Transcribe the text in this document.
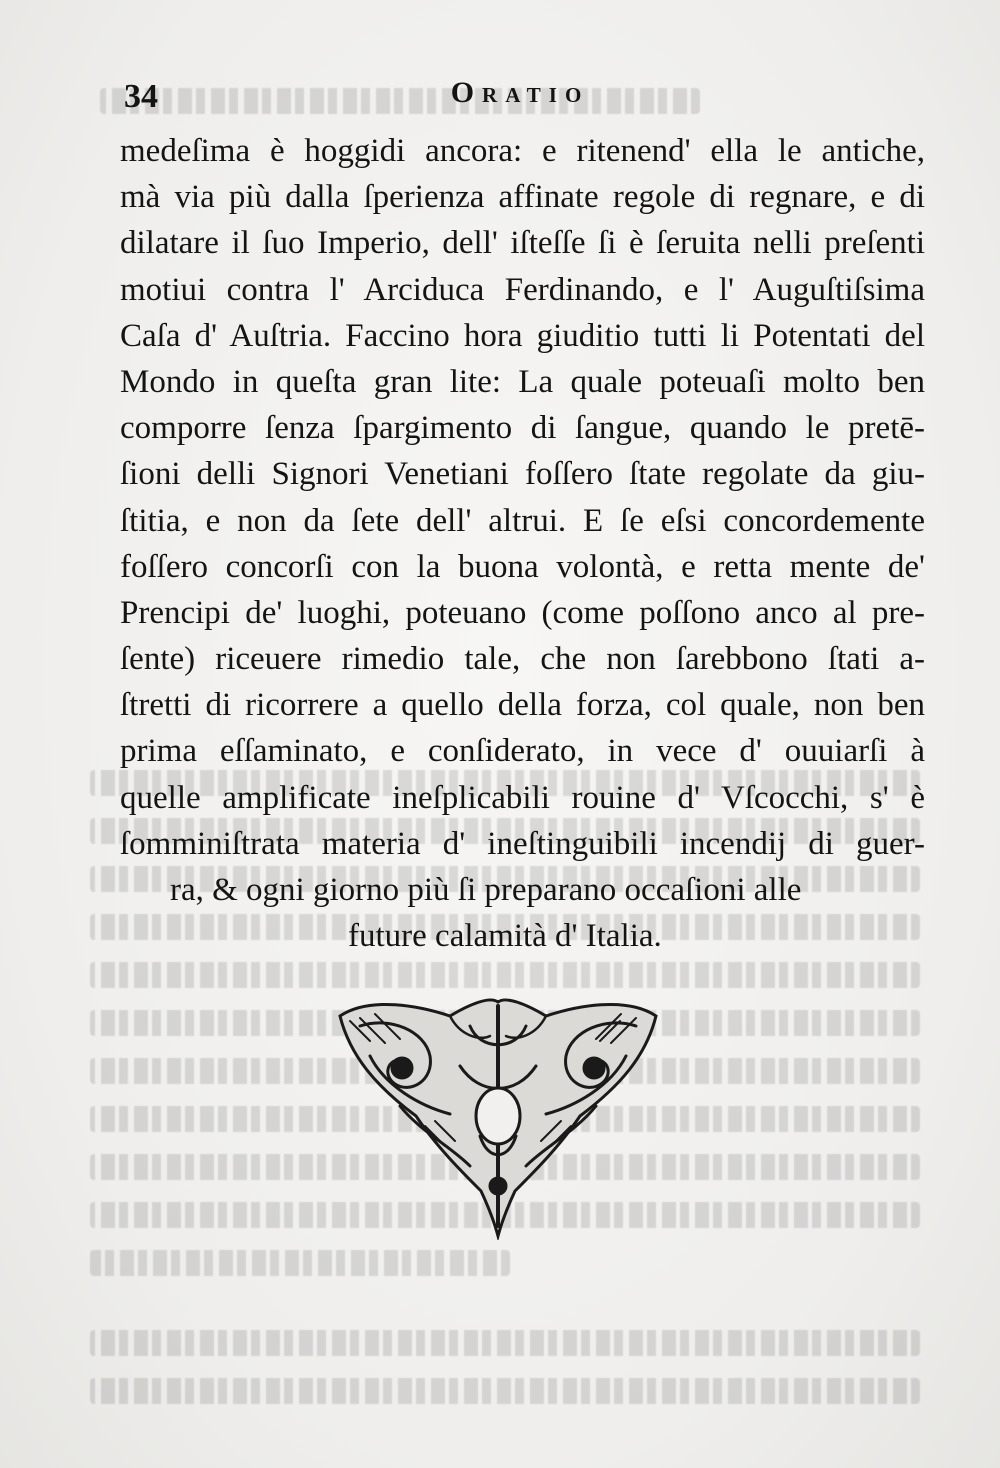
34	Oratio
medeſima è hoggidi ancora: e ritenend' ella le antiche,
mà via più dalla ſperienza affinate regole di regnare, e di
dilatare il ſuo Imperio, dell' iſteſſe ſi è ſeruita nelli preſenti
motiui contra l' Arciduca Ferdinando, e l' Auguſtiſsima
Caſa d' Auſtria. Faccino hora giuditio tutti li Potentati del
Mondo in queſta gran lite: La quale poteuaſi molto ben
comporre ſenza ſpargimento di ſangue, quando le pretē-
ſioni delli Signori Venetiani foſſero ſtate regolate da giu-
ſtitia, e non da ſete dell' altrui. E ſe eſsi concordemente
foſſero concorſi con la buona volontà, e retta mente de'
Prencipi de' luoghi, poteuano (come poſſono anco al pre-
ſente) riceuere rimedio tale, che non ſarebbono ſtati a-
ſtretti di ricorrere a quello della forza, col quale, non ben
prima eſſaminato, e conſiderato, in vece d' ouuiarſi à
quelle amplificate ineſplicabili rouine d' Vſcocchi, s' è
ſomminiſtrata materia d' ineſtinguibili incendij di guer-
ra, & ogni giorno più ſi preparano occaſioni alle
future calamità d' Italia.
